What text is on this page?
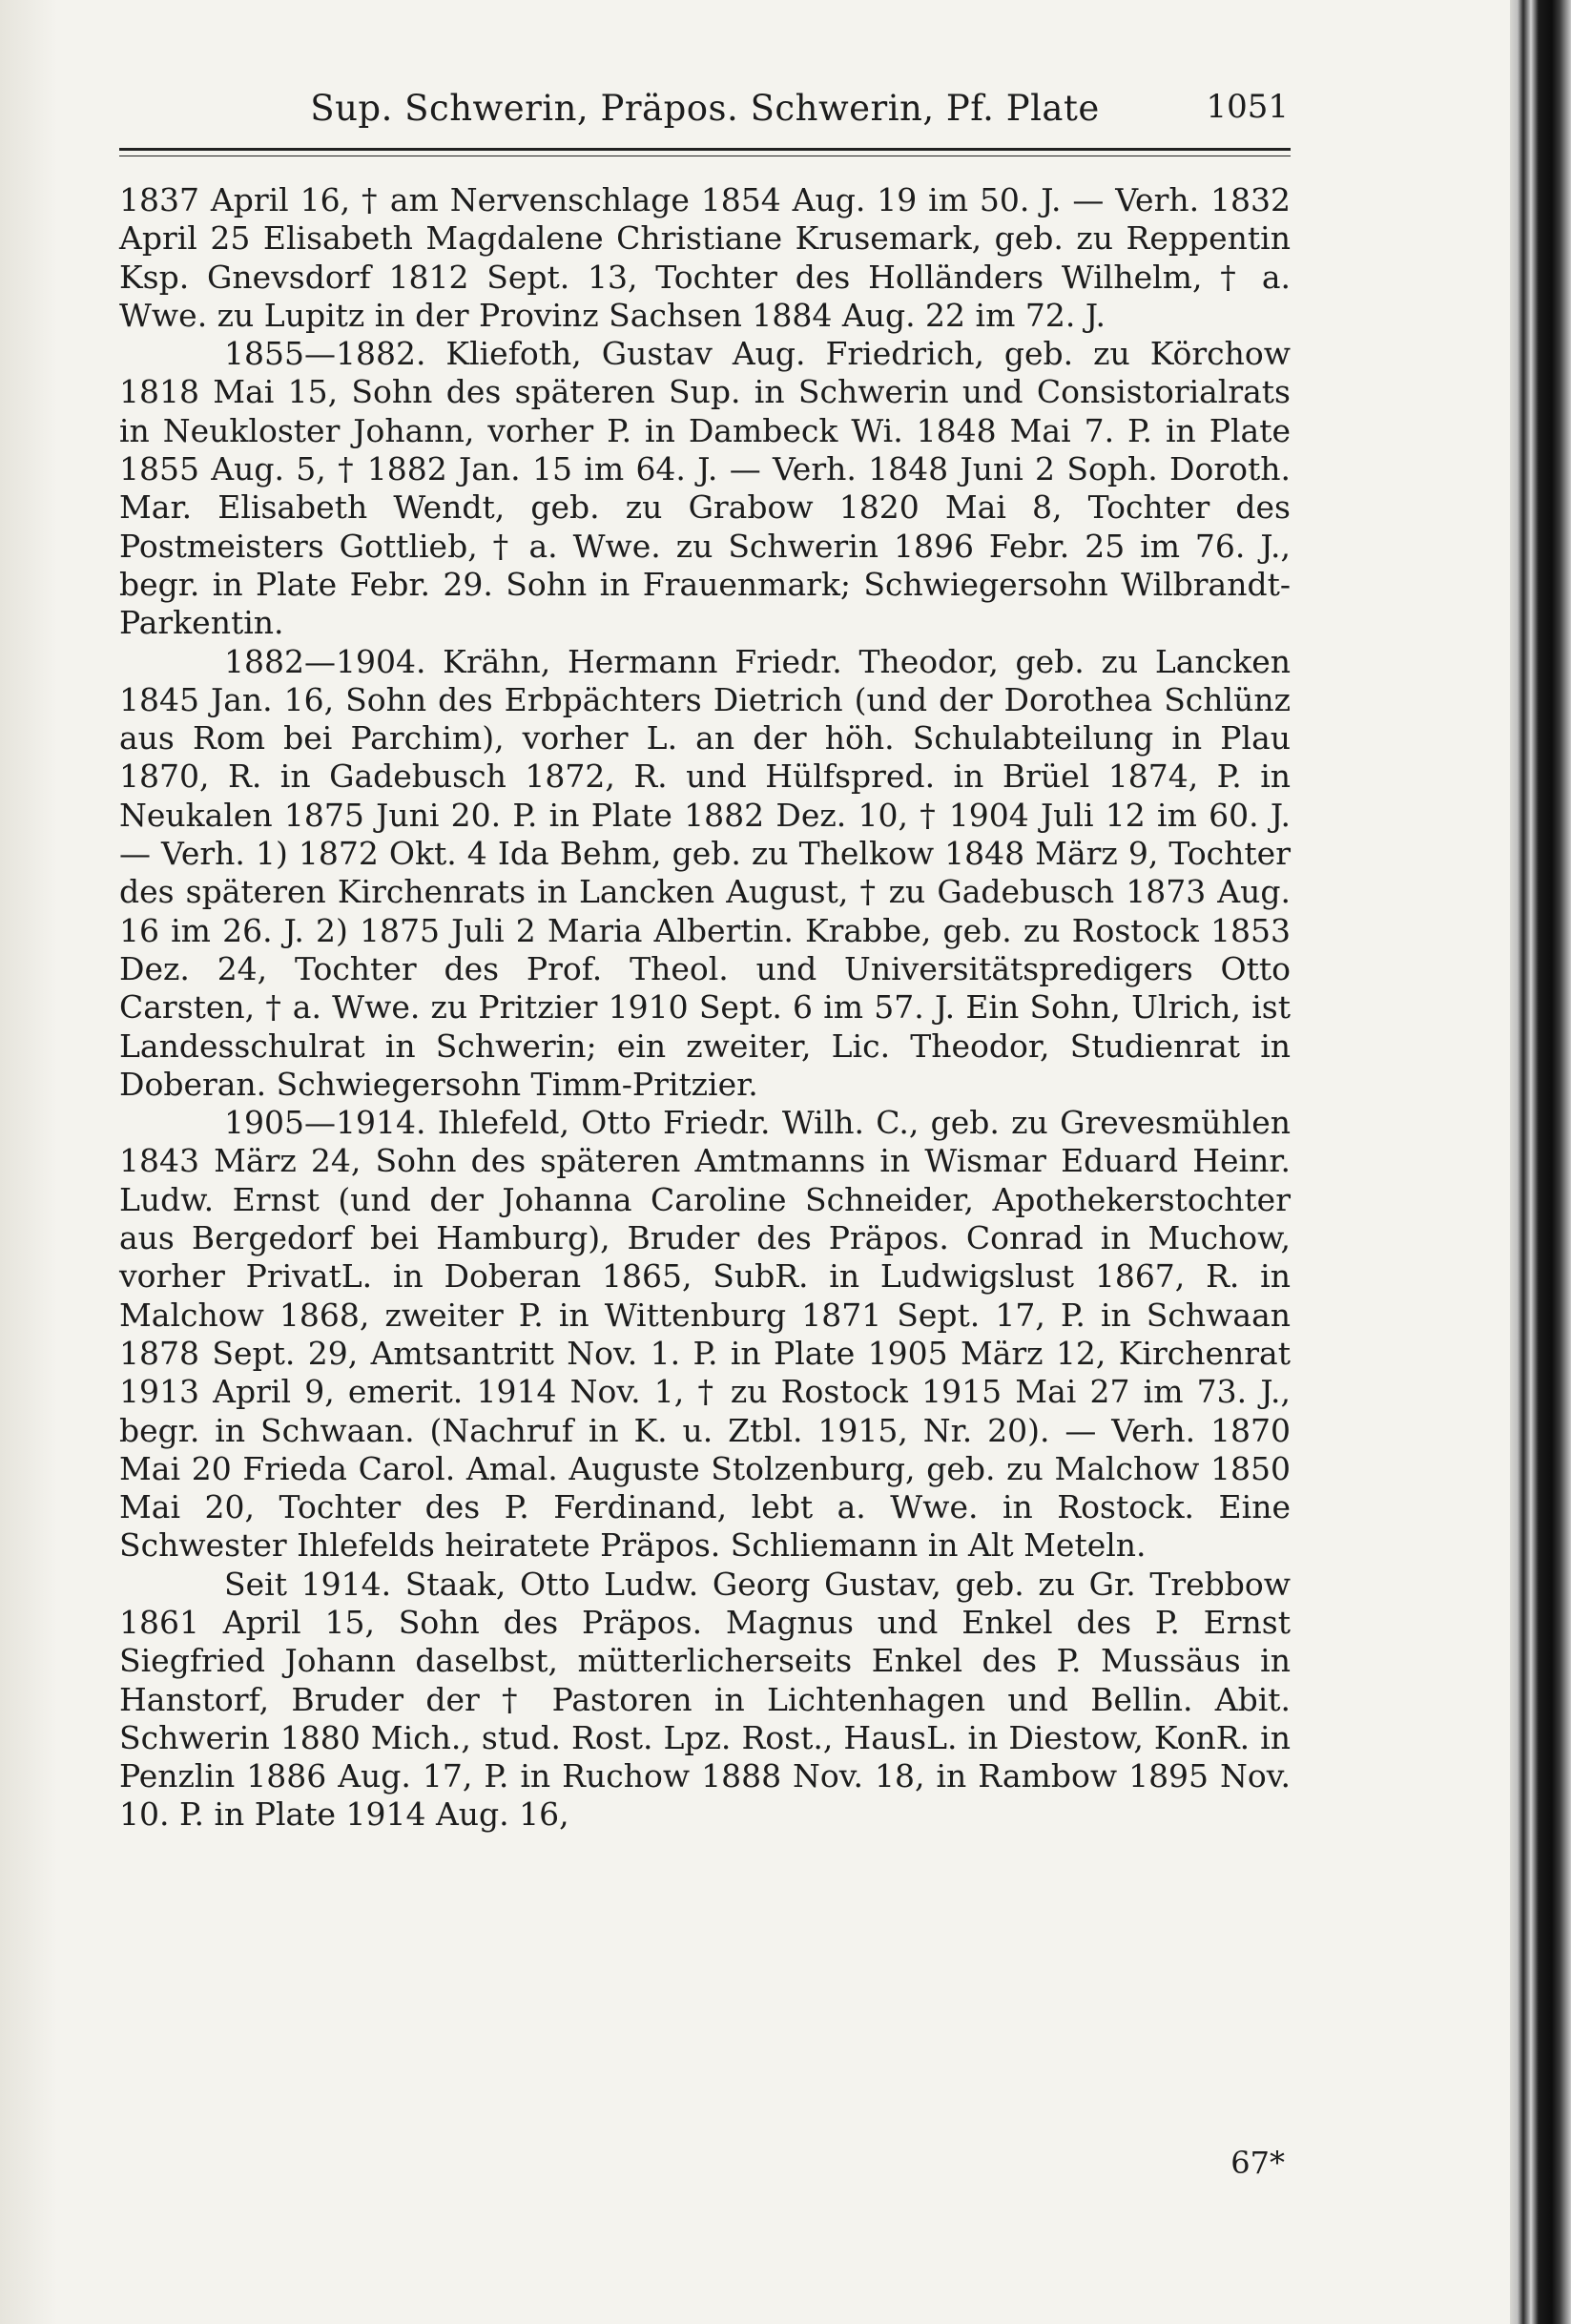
Sup. Schwerin, Präpos. Schwerin, Pf. Plate	1051

1837 April 16, † am Nervenschlage 1854 Aug. 19 im 50. J. — Verh. 1832 April 25 Elisabeth Magdalene Christiane Krusemark, geb. zu Reppentin Ksp. Gnevsdorf 1812 Sept. 13, Tochter des Holländers Wilhelm, † a. Wwe. zu Lupitz in der Provinz Sachsen 1884 Aug. 22 im 72. J.

1855—1882. Kliefoth, Gustav Aug. Friedrich, geb. zu Körchow 1818 Mai 15, Sohn des späteren Sup. in Schwerin und Consistorialrats in Neukloster Johann, vorher P. in Dambeck Wi. 1848 Mai 7. P. in Plate 1855 Aug. 5, † 1882 Jan. 15 im 64. J. — Verh. 1848 Juni 2 Soph. Doroth. Mar. Elisabeth Wendt, geb. zu Grabow 1820 Mai 8, Tochter des Postmeisters Gottlieb, † a. Wwe. zu Schwerin 1896 Febr. 25 im 76. J., begr. in Plate Febr. 29. Sohn in Frauenmark; Schwiegersohn Wilbrandt-Parkentin.

1882—1904. Krähn, Hermann Friedr. Theodor, geb. zu Lancken 1845 Jan. 16, Sohn des Erbpächters Dietrich (und der Dorothea Schlünz aus Rom bei Parchim), vorher L. an der höh. Schulabteilung in Plau 1870, R. in Gadebusch 1872, R. und Hülfspred. in Brüel 1874, P. in Neukalen 1875 Juni 20. P. in Plate 1882 Dez. 10, † 1904 Juli 12 im 60. J. — Verh. 1) 1872 Okt. 4 Ida Behm, geb. zu Thelkow 1848 März 9, Tochter des späteren Kirchenrats in Lancken August, † zu Gadebusch 1873 Aug. 16 im 26. J. 2) 1875 Juli 2 Maria Albertin. Krabbe, geb. zu Rostock 1853 Dez. 24, Tochter des Prof. Theol. und Universitätspredigers Otto Carsten, † a. Wwe. zu Pritzier 1910 Sept. 6 im 57. J. Ein Sohn, Ulrich, ist Landesschulrat in Schwerin; ein zweiter, Lic. Theodor, Studienrat in Doberan. Schwiegersohn Timm-Pritzier.

1905—1914. Ihlefeld, Otto Friedr. Wilh. C., geb. zu Grevesmühlen 1843 März 24, Sohn des späteren Amtmanns in Wismar Eduard Heinr. Ludw. Ernst (und der Johanna Caroline Schneider, Apothekerstochter aus Bergedorf bei Hamburg), Bruder des Präpos. Conrad in Muchow, vorher PrivatL. in Doberan 1865, SubR. in Ludwigslust 1867, R. in Malchow 1868, zweiter P. in Wittenburg 1871 Sept. 17, P. in Schwaan 1878 Sept. 29, Amtsantritt Nov. 1. P. in Plate 1905 März 12, Kirchenrat 1913 April 9, emerit. 1914 Nov. 1, † zu Rostock 1915 Mai 27 im 73. J., begr. in Schwaan. (Nachruf in K. u. Ztbl. 1915, Nr. 20). — Verh. 1870 Mai 20 Frieda Carol. Amal. Auguste Stolzenburg, geb. zu Malchow 1850 Mai 20, Tochter des P. Ferdinand, lebt a. Wwe. in Rostock. Eine Schwester Ihlefelds heiratete Präpos. Schliemann in Alt Meteln.

Seit 1914. Staak, Otto Ludw. Georg Gustav, geb. zu Gr. Trebbow 1861 April 15, Sohn des Präpos. Magnus und Enkel des P. Ernst Siegfried Johann daselbst, mütterlicherseits Enkel des P. Mussäus in Hanstorf, Bruder der † Pastoren in Lichtenhagen und Bellin. Abit. Schwerin 1880 Mich., stud. Rost. Lpz. Rost., HausL. in Diestow, KonR. in Penzlin 1886 Aug. 17, P. in Ruchow 1888 Nov. 18, in Rambow 1895 Nov. 10. P. in Plate 1914 Aug. 16,

67*
